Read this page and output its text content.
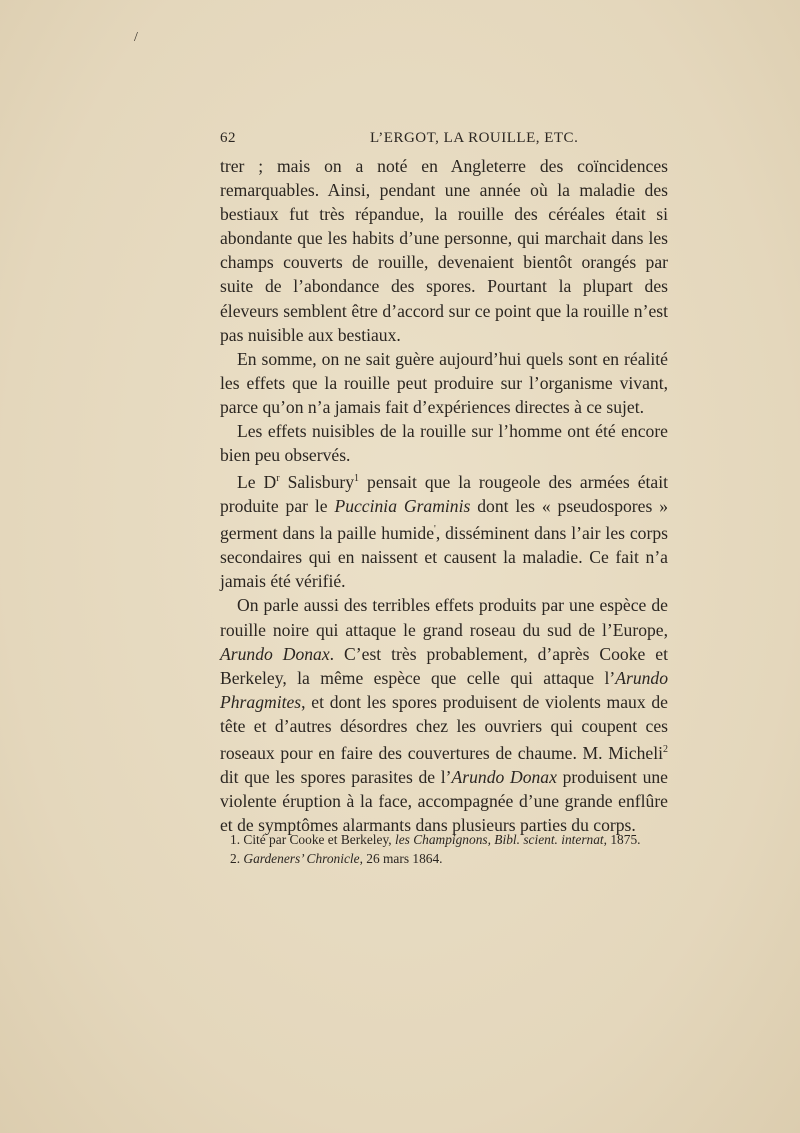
/
62	L’ERGOT, LA ROUILLE, ETC.

trer ; mais on a noté en Angleterre des coïncidences remarquables. Ainsi, pendant une année où la maladie des bestiaux fut très répandue, la rouille des céréales était si abondante que les habits d’une personne, qui marchait dans les champs couverts de rouille, devenaient bientôt orangés par suite de l’abondance des spores. Pourtant la plupart des éleveurs semblent être d’accord sur ce point que la rouille n’est pas nuisible aux bestiaux.

En somme, on ne sait guère aujourd’hui quels sont en réalité les effets que la rouille peut produire sur l’organisme vivant, parce qu’on n’a jamais fait d’expériences directes à ce sujet.

Les effets nuisibles de la rouille sur l’homme ont été encore bien peu observés.

Le $D^r$ Salisbury$^1$ pensait que la rougeole des armées était produite par le Puccinia Graminis dont les « pseudospores » germent dans la paille humide', disséminent dans l’air les corps secondaires qui en naissent et causent la maladie. Ce fait n’a jamais été vérifié.

On parle aussi des terribles effets produits par une espèce de rouille noire qui attaque le grand roseau du sud de l’Europe, Arundo Donax. C’est très probablement, d’après Cooke et Berkeley, la même espèce que celle qui attaque l’Arundo Phragmites, et dont les spores produisent de violents maux de tête et d’autres désordres chez les ouvriers qui coupent ces roseaux pour en faire des couvertures de chaume. M. Micheli$^2$ dit que les spores parasites de l’Arundo Donax produisent une violente éruption à la face, accompagnée d’une grande enflûre et de symptômes alarmants dans plusieurs parties du corps.

1. Cité par Cooke et Berkeley, les Champignons, Bibl. scient. internat, 1875.
2. Gardeners’ Chronicle, 26 mars 1864.
